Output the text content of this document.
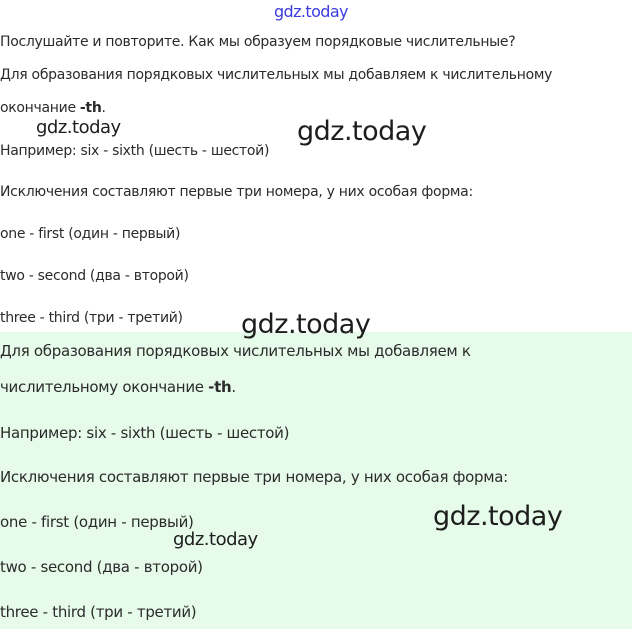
gdz.today
Послушайте и повторите. Как мы образуем порядковые числительные?
Для образования порядковых числительных мы добавляем к числительному
окончание -th.
Например: six - sixth (шесть - шестой)
Исключения составляют первые три номера, у них особая форма:
one - first (один - первый)
two - second (два - второй)
three - third (три - третий)
Для образования порядковых числительных мы добавляем к
числительному окончание -th.
Например: six - sixth (шесть - шестой)
Исключения составляют первые три номера, у них особая форма:
one - first (один - первый)
two - second (два - второй)
three - third (три - третий)
gdz.today	gdz.today
gdz.today
gdz.today
gdz.today
